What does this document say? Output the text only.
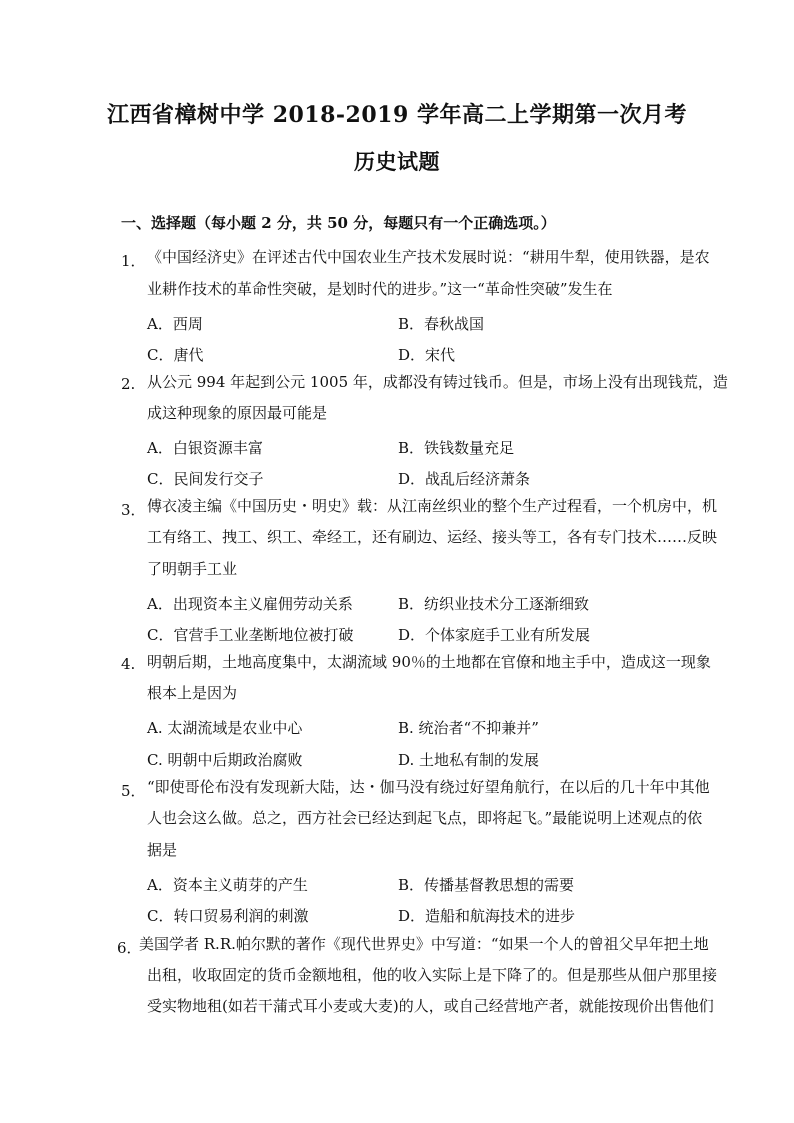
江西省樟树中学 2018-2019 学年高二上学期第一次月考
历史试题
一、选择题（每小题 2 分，共 50 分，每题只有一个正确选项。）
1． 《中国经济史》在评述古代中国农业生产技术发展时说：“耕用牛犁，使用铁器，是农
业耕作技术的革命性突破，是划时代的进步。”这一“革命性突破”发生在
A．西周	B．春秋战国
C．唐代	D．宋代
2. 从公元 994 年起到公元 1005 年，成都没有铸过钱币。但是，市场上没有出现钱荒，造
成这种现象的原因最可能是
A．白银资源丰富	B．铁钱数量充足
C．民间发行交子	D．战乱后经济萧条
3． 傅衣凌主编《中国历史・明史》载：从江南丝织业的整个生产过程看，一个机房中，机
工有络工、拽工、织工、牵经工，还有刷边、运经、接头等工，各有专门技术……反映
了明朝手工业
A．出现资本主义雇佣劳动关系	B．纺织业技术分工逐渐细致
C．官营手工业垄断地位被打破	D．个体家庭手工业有所发展
4. 明朝后期，土地高度集中，太湖流域 90％的土地都在官僚和地主手中，造成这一现象
根本上是因为
A. 太湖流域是农业中心	B. 统治者“不抑兼并”
C. 明朝中后期政治腐败	D. 土地私有制的发展
5． “即使哥伦布没有发现新大陆，达・伽马没有绕过好望角航行，在以后的几十年中其他
人也会这么做。总之，西方社会已经达到起飞点，即将起飞。”最能说明上述观点的依
据是
A．资本主义萌芽的产生	B．传播基督教思想的需要
C．转口贸易利润的刺激	D．造船和航海技术的进步
6．
美国学者 R.R.帕尔默的著作《现代世界史》中写道：“如果一个人的曾祖父早年把土地
出租，收取固定的货币金额地租，他的收入实际上是下降了的。但是那些从佃户那里接
受实物地租(如若干蒲式耳小麦或大麦)的人，或自己经营地产者，就能按现价出售他们
